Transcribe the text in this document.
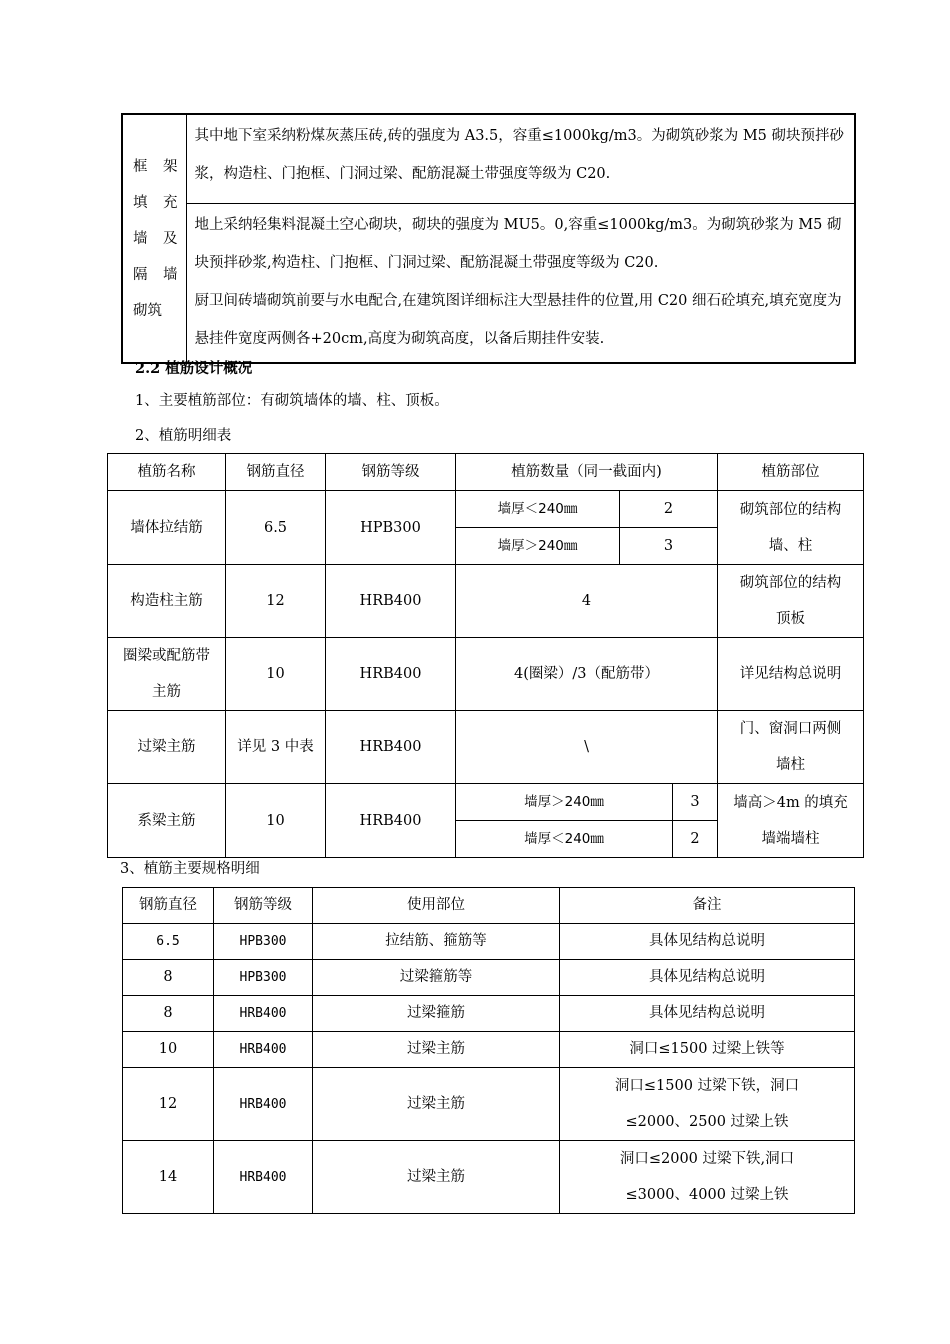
框 架
填 充
墙 及
隔 墙
砌筑
	其中地下室采纳粉煤灰蒸压砖,砖的强度为 A3.5，容重≤1000kg/m3。为砌筑砂浆为 M5 砌块预拌砂浆，构造柱、门抱框、门洞过梁、配筋混凝土带强度等级为 C20.

地上采纳轻集料混凝土空心砌块，砌块的强度为 MU5。0,容重≤1000kg/m3。为砌筑砂浆为 M5 砌块预拌砂浆,构造柱、门抱框、门洞过梁、配筋混凝土带强度等级为 C20.
厨卫间砖墙砌筑前要与水电配合,在建筑图详细标注大型悬挂件的位置,用 C20 细石砼填充,填充宽度为悬挂件宽度两侧各+20cm,高度为砌筑高度，以备后期挂件安装.
2.2 植筋设计概况
1、主要植筋部位：有砌筑墙体的墙、柱、顶板。
2、植筋明细表
植筋名称	钢筋直径	钢筋等级	植筋数量（同一截面内)			植筋部位
墙体拉结筋	6.5	HPB300	墙厚＜240㎜	2		砌筑部位的结构
墙、柱

			墙厚＞240㎜	3		
构造柱主筋	12	HRB400	4			砌筑部位的结构
顶板

圈梁或配筋带
主筋	10	HRB400	4(圈梁）/3（配筋带）			详见结构总说明
过梁主筋	详见 3 中表	HRB400	\			门、窗洞口两侧
墙柱

系梁主筋	10	HRB400	墙厚＞240㎜		3	墙高＞4m 的填充
墙端墙柱

			墙厚＜240㎜		2	
3、植筋主要规格明细
钢筋直径	钢筋等级	使用部位	备注
6.5	HPB300	拉结筋、箍筋等	具体见结构总说明
8	HPB300	过梁箍筋等	具体见结构总说明
8	HRB400	过梁箍筋	具体见结构总说明
10	HRB400	过梁主筋	洞口≤1500 过梁上铁等
12	HRB400	过梁主筋	洞口≤1500 过梁下铁，洞口
≤2000、2500 过梁上铁

14	HRB400	过梁主筋	洞口≤2000 过梁下铁,洞口
≤3000、4000 过梁上铁
